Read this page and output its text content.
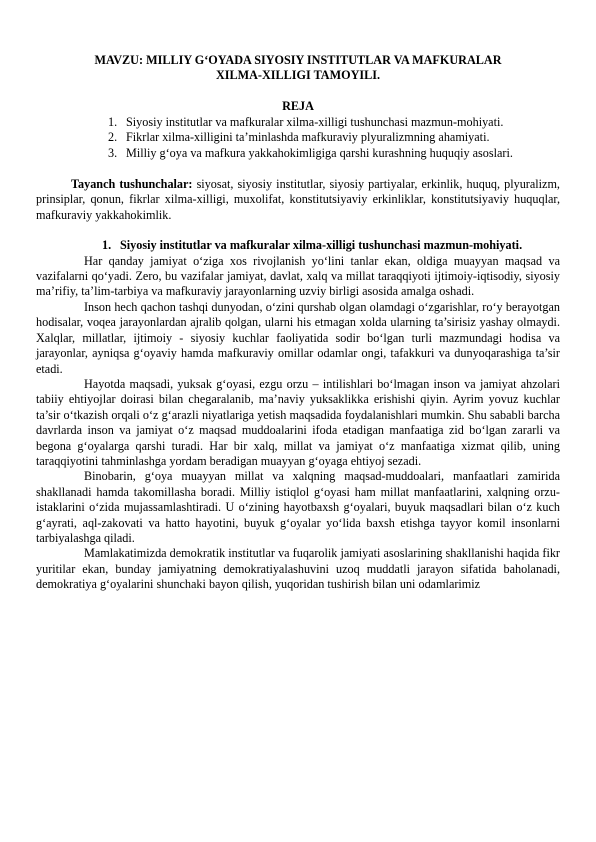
MAVZU: MILLIY G‘OYADA SIYOSIY INSTITUTLAR VA MAFKURALAR
XILMA-XILLIGI TAMOYILI.
REJA
1. Siyosiy institutlar va mafkuralar xilma-xilligi tushunchasi mazmun-mohiyati.
2. Fikrlar xilma-xilligini ta’minlashda mafkuraviy plyuralizmning ahamiyati.
3. Milliy g‘oya va mafkura yakkahokimligiga qarshi kurashning huquqiy asoslari.
Tayanch tushunchalar: siyosat, siyosiy institutlar, siyosiy partiyalar, erkinlik, huquq, plyuralizm, prinsiplar, qonun, fikrlar xilma-xilligi, muxolifat, konstitutsiyaviy erkinliklar, konstitutsiyaviy huquqlar, mafkuraviy yakkahokimlik.
1. Siyosiy institutlar va mafkuralar xilma-xilligi tushunchasi mazmun-mohiyati.

Har qanday jamiyat o‘ziga xos rivojlanish yo‘lini tanlar ekan, oldiga muayyan maqsad va vazifalarni qo‘yadi. Zero, bu vazifalar jamiyat, davlat, xalq va millat taraqqiyoti ijtimoiy-iqtisodiy, siyosiy ma’rifiy, ta’lim-tarbiya va mafkuraviy jarayonlarning uzviy birligi asosida amalga oshadi.

Inson hech qachon tashqi dunyodan, o‘zini qurshab olgan olamdagi o‘zgarishlar, ro‘y berayotgan hodisalar, voqea jarayonlardan ajralib qolgan, ularni his etmagan xolda ularning ta’sirisiz yashay olmaydi. Xalqlar, millatlar, ijtimoiy - siyosiy kuchlar faoliyatida sodir bo‘lgan turli mazmundagi hodisa va jarayonlar, ayniqsa g‘oyaviy hamda mafkuraviy omillar odamlar ongi, tafakkuri va dunyoqarashiga ta’sir etadi.

Hayotda maqsadi, yuksak g‘oyasi, ezgu orzu – intilishlari bo‘lmagan inson va jamiyat ahzolari tabiiy ehtiyojlar doirasi bilan chegaralanib, ma’naviy yuksaklikka erishishi qiyin. Ayrim yovuz kuchlar ta’sir o‘tkazish orqali o‘z g‘arazli niyatlariga yetish maqsadida foydalanishlari mumkin. Shu sababli barcha davrlarda inson va jamiyat o‘z maqsad muddoalarini ifoda etadigan manfaatiga zid bo‘lgan zararli va begona g‘oyalarga qarshi turadi. Har bir xalq, millat va jamiyat o‘z manfaatiga xizmat qilib, uning taraqqiyotini tahminlashga yordam beradigan muayyan g‘oyaga ehtiyoj sezadi.

Binobarin, g‘oya muayyan millat va xalqning maqsad-muddoalari, manfaatlari zamirida shakllanadi hamda takomillasha boradi. Milliy istiqlol g‘oyasi ham millat manfaatlarini, xalqning orzu-istaklarini o‘zida mujassamlashtiradi. U o‘zining hayotbaxsh g‘oyalari, buyuk maqsadlari bilan o‘z kuch g‘ayrati, aql-zakovati va hatto hayotini, buyuk g‘oyalar yo‘lida baxsh etishga tayyor komil insonlarni tarbiyalashga qiladi.

Mamlakatimizda demokratik institutlar va fuqarolik jamiyati asoslarining shakllanishi haqida fikr yuritilar ekan, bunday jamiyatning demokratiyalashuvini uzoq muddatli jarayon sifatida baholanadi, demokratiya g‘oyalarini shunchaki bayon qilish, yuqoridan tushirish bilan uni odamlarimiz
